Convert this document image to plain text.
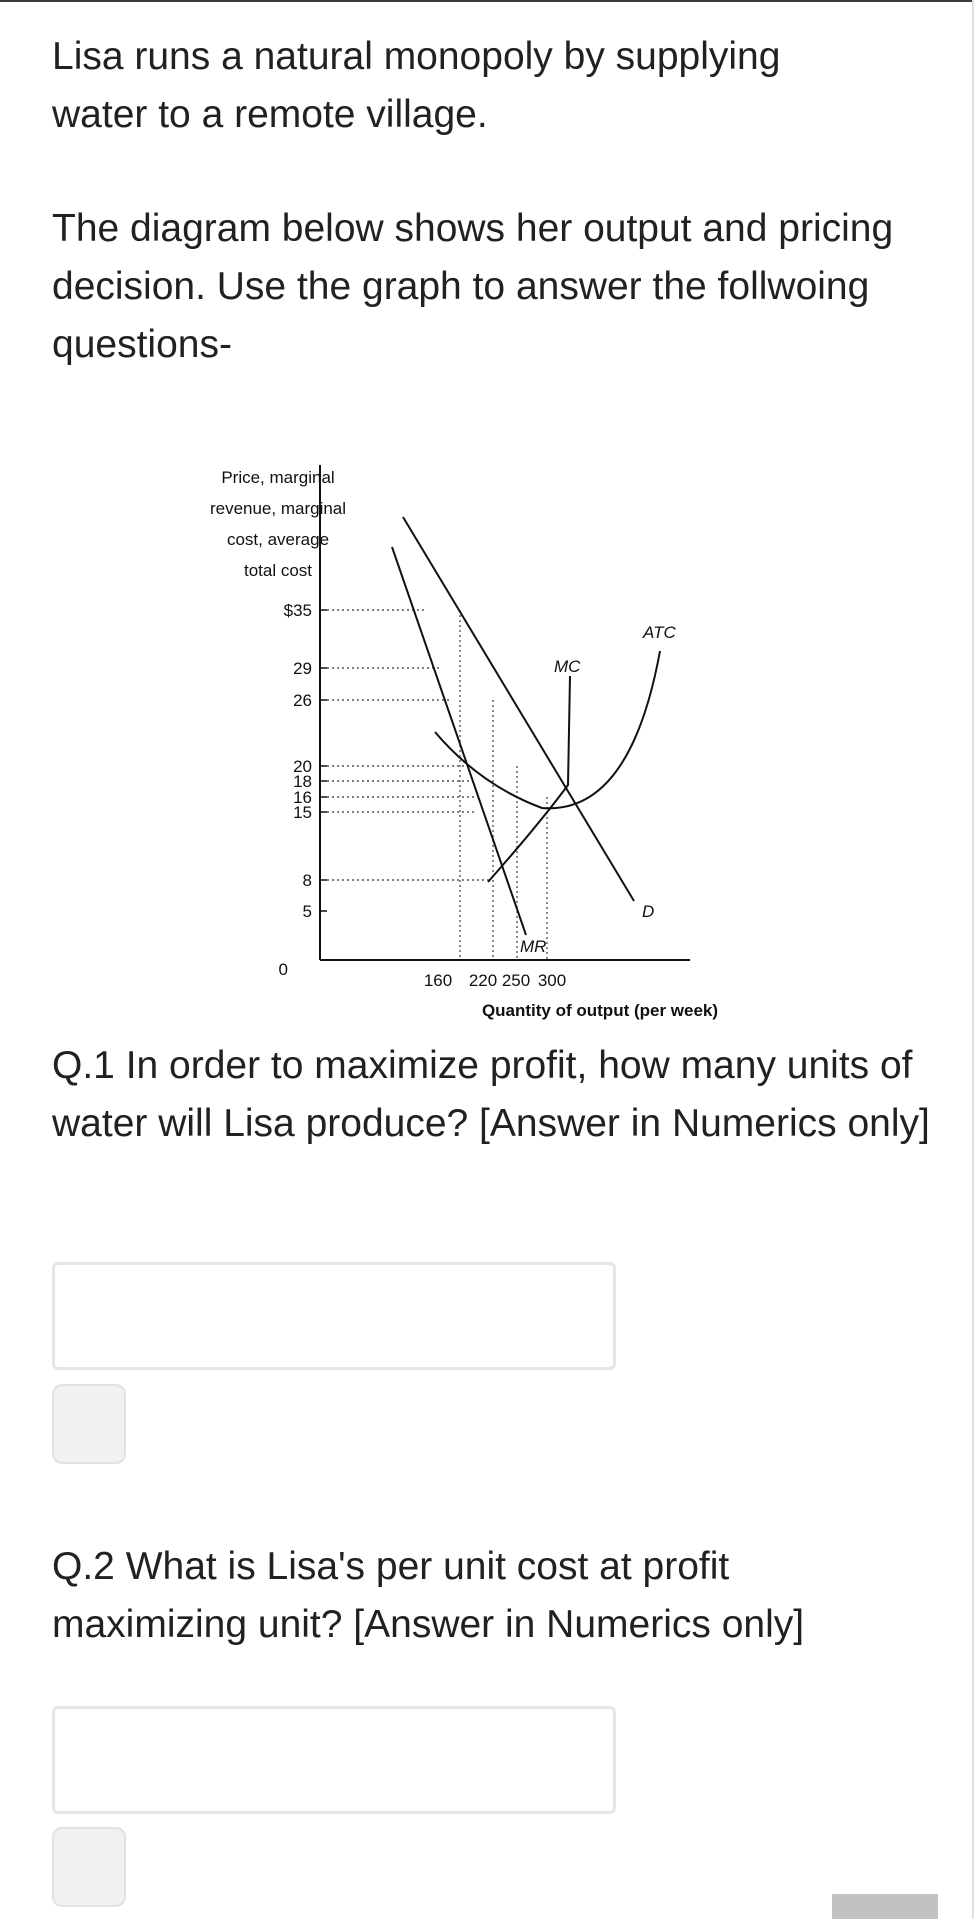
Lisa runs a natural monopoly by supplying water to a remote village.

The diagram below shows her output and pricing decision. Use the graph to answer the follwoing questions-

Price, marginal
revenue, marginal
cost, average
total cost
$35
29
26
20
18
16
15
8
5
0
D
MR
MC
ATC
160 220 250 300
Quantity of output (per week)

Q.1 In order to maximize profit, how many units of water will Lisa produce? [Answer in Numerics only]

Q.2 What is Lisa's per unit cost at profit maximizing unit? [Answer in Numerics only]
